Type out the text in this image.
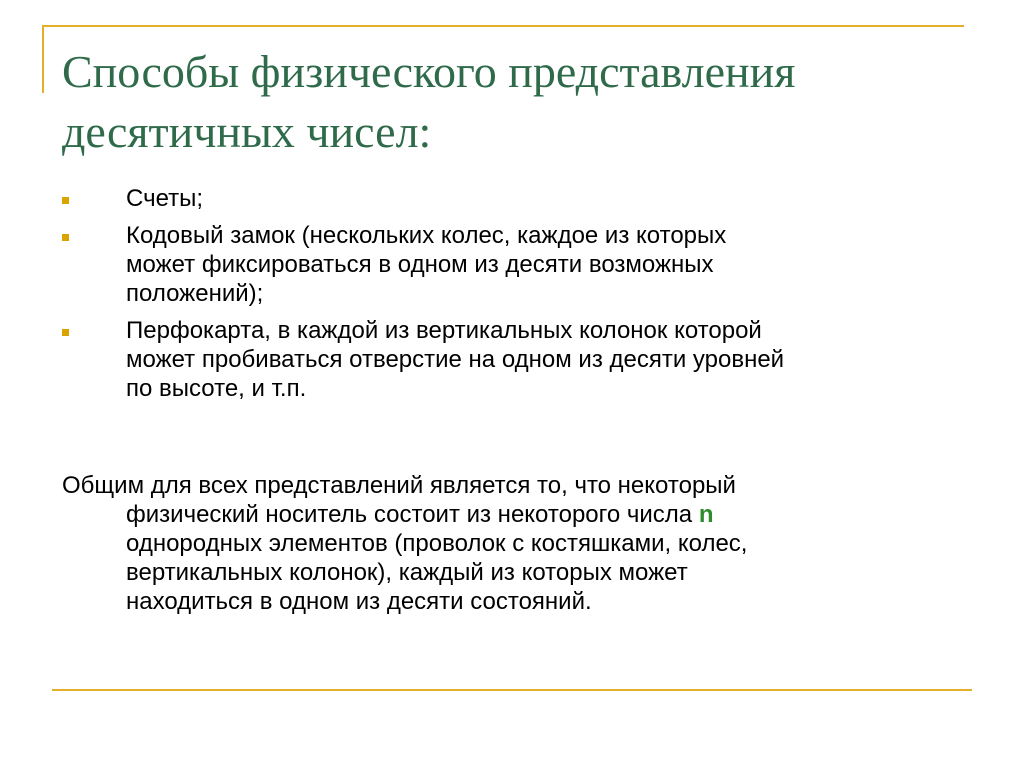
Способы физического представления
десятичных чисел:
Счеты;
Кодовый замок (нескольких колес, каждое из которых
может фиксироваться в одном из десяти возможных
положений);
Перфокарта, в каждой из вертикальных колонок которой
может пробиваться отверстие на одном из десяти уровней
по высоте, и т.п.
Общим для всех представлений является то, что некоторый
физический носитель состоит из некоторого числа n
однородных элементов (проволок с костяшками, колес,
вертикальных колонок), каждый из которых может
находиться в одном из десяти состояний.
